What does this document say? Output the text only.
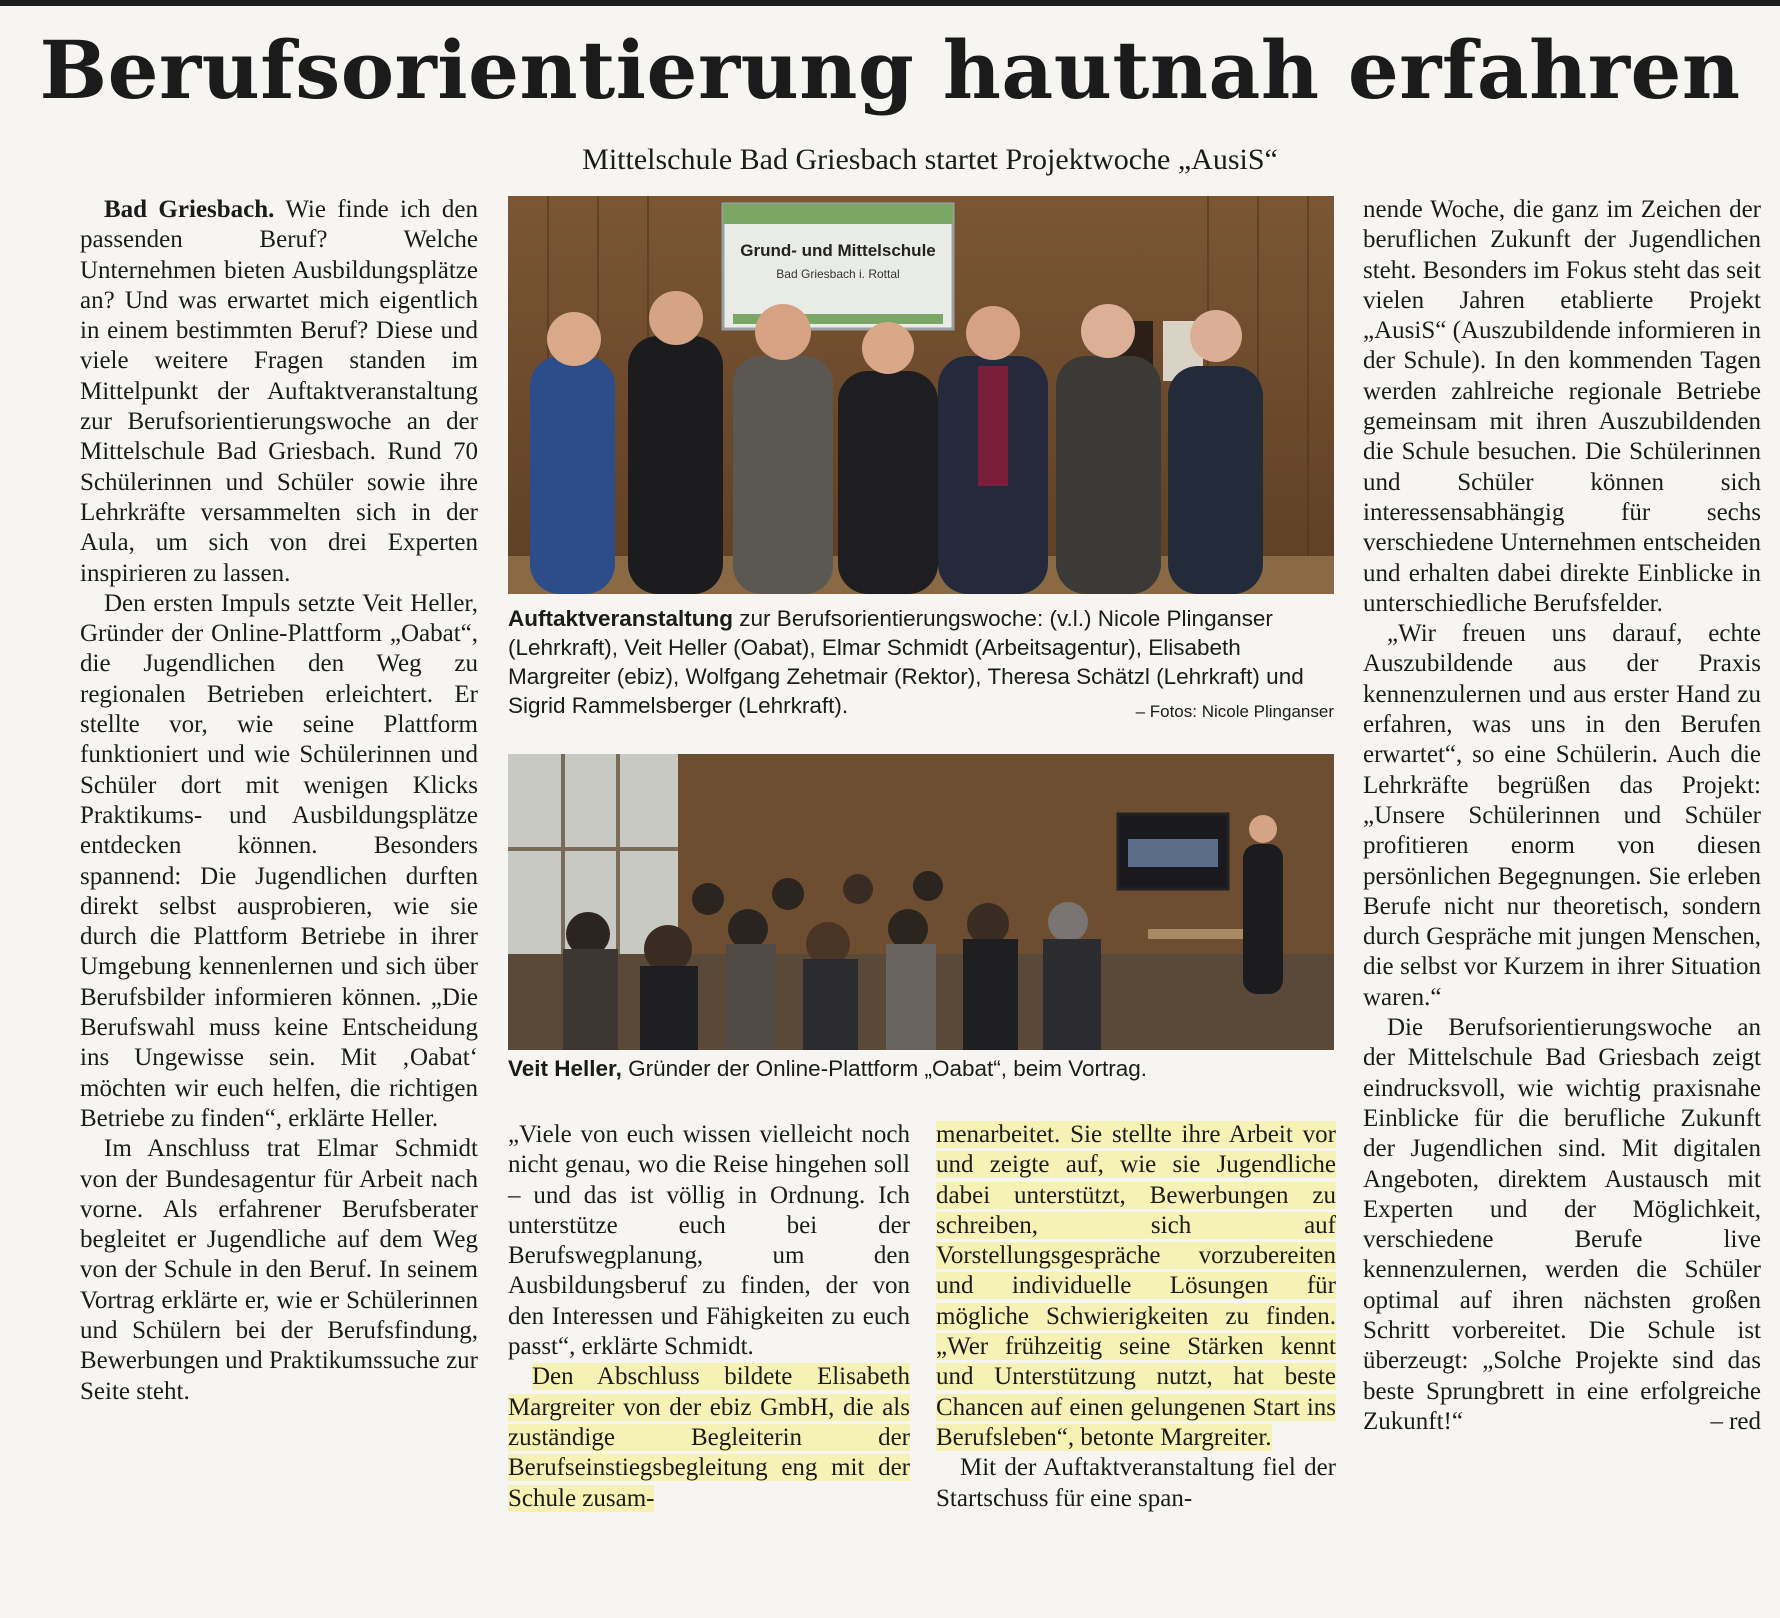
Berufsorientierung hautnah erfahren
Mittelschule Bad Griesbach startet Projektwoche „AusiS“

Bad Griesbach. Wie finde ich den passenden Beruf? Welche Unternehmen bieten Ausbildungsplätze an? Und was erwartet mich eigentlich in einem bestimmten Beruf? Diese und viele weitere Fragen standen im Mittelpunkt der Auftaktveranstaltung zur Berufsorientierungswoche an der Mittelschule Bad Griesbach. Rund 70 Schülerinnen und Schüler sowie ihre Lehrkräfte versammelten sich in der Aula, um sich von drei Experten inspirieren zu lassen.

Den ersten Impuls setzte Veit Heller, Gründer der Online-Plattform „Oabat“, die Jugendlichen den Weg zu regionalen Betrieben erleichtert. Er stellte vor, wie seine Plattform funktioniert und wie Schülerinnen und Schüler dort mit wenigen Klicks Praktikums- und Ausbildungsplätze entdecken können. Besonders spannend: Die Jugendlichen durften direkt selbst ausprobieren, wie sie durch die Plattform Betriebe in ihrer Umgebung kennenlernen und sich über Berufsbilder informieren können. „Die Berufswahl muss keine Entscheidung ins Ungewisse sein. Mit ‚Oabat‘ möchten wir euch helfen, die richtigen Betriebe zu finden“, erklärte Heller.

Im Anschluss trat Elmar Schmidt von der Bundesagentur für Arbeit nach vorne. Als erfahrener Berufsberater begleitet er Jugendliche auf dem Weg von der Schule in den Beruf. In seinem Vortrag erklärte er, wie er Schülerinnen und Schülern bei der Berufsfindung, Bewerbungen und Praktikumssuche zur Seite steht.

Grund- und Mittelschule
Bad Griesbach i. Rottal
Auftaktveranstaltung zur Berufsorientierungswoche: (v.l.) Nicole Plinganser (Lehrkraft), Veit Heller (Oabat), Elmar Schmidt (Arbeitsagentur), Elisabeth Margreiter (ebiz), Wolfgang Zehetmair (Rektor), Theresa Schätzl (Lehrkraft) und Sigrid Rammelsberger (Lehrkraft).	– Fotos: Nicole Plinganser
Veit Heller, Gründer der Online-Plattform „Oabat“, beim Vortrag.

„Viele von euch wissen vielleicht noch nicht genau, wo die Reise hingehen soll – und das ist völlig in Ordnung. Ich unterstütze euch bei der Berufswegplanung, um den Ausbildungsberuf zu finden, der von den Interessen und Fähigkeiten zu euch passt“, erklärte Schmidt.

Den Abschluss bildete Elisabeth Margreiter von der ebiz GmbH, die als zuständige Begleiterin der Berufseinstiegsbegleitung eng mit der Schule zusam-

menarbeitet. Sie stellte ihre Arbeit vor und zeigte auf, wie sie Jugendliche dabei unterstützt, Bewerbungen zu schreiben, sich auf Vorstellungsgespräche vorzubereiten und individuelle Lösungen für mögliche Schwierigkeiten zu finden. „Wer frühzeitig seine Stärken kennt und Unterstützung nutzt, hat beste Chancen auf einen gelungenen Start ins Berufsleben“, betonte Margreiter.

Mit der Auftaktveranstaltung fiel der Startschuss für eine span-

nende Woche, die ganz im Zeichen der beruflichen Zukunft der Jugendlichen steht. Besonders im Fokus steht das seit vielen Jahren etablierte Projekt „AusiS“ (Auszubildende informieren in der Schule). In den kommenden Tagen werden zahlreiche regionale Betriebe gemeinsam mit ihren Auszubildenden die Schule besuchen. Die Schülerinnen und Schüler können sich interessensabhängig für sechs verschiedene Unternehmen entscheiden und erhalten dabei direkte Einblicke in unterschiedliche Berufsfelder.

„Wir freuen uns darauf, echte Auszubildende aus der Praxis kennenzulernen und aus erster Hand zu erfahren, was uns in den Berufen erwartet“, so eine Schülerin. Auch die Lehrkräfte begrüßen das Projekt: „Unsere Schülerinnen und Schüler profitieren enorm von diesen persönlichen Begegnungen. Sie erleben Berufe nicht nur theoretisch, sondern durch Gespräche mit jungen Menschen, die selbst vor Kurzem in ihrer Situation waren.“

Die Berufsorientierungswoche an der Mittelschule Bad Griesbach zeigt eindrucksvoll, wie wichtig praxisnahe Einblicke für die berufliche Zukunft der Jugendlichen sind. Mit digitalen Angeboten, direktem Austausch mit Experten und der Möglichkeit, verschiedene Berufe live kennenzulernen, werden die Schüler optimal auf ihren nächsten großen Schritt vorbereitet. Die Schule ist überzeugt: „Solche Projekte sind das beste Sprungbrett in eine erfolgreiche Zukunft!“	– red
